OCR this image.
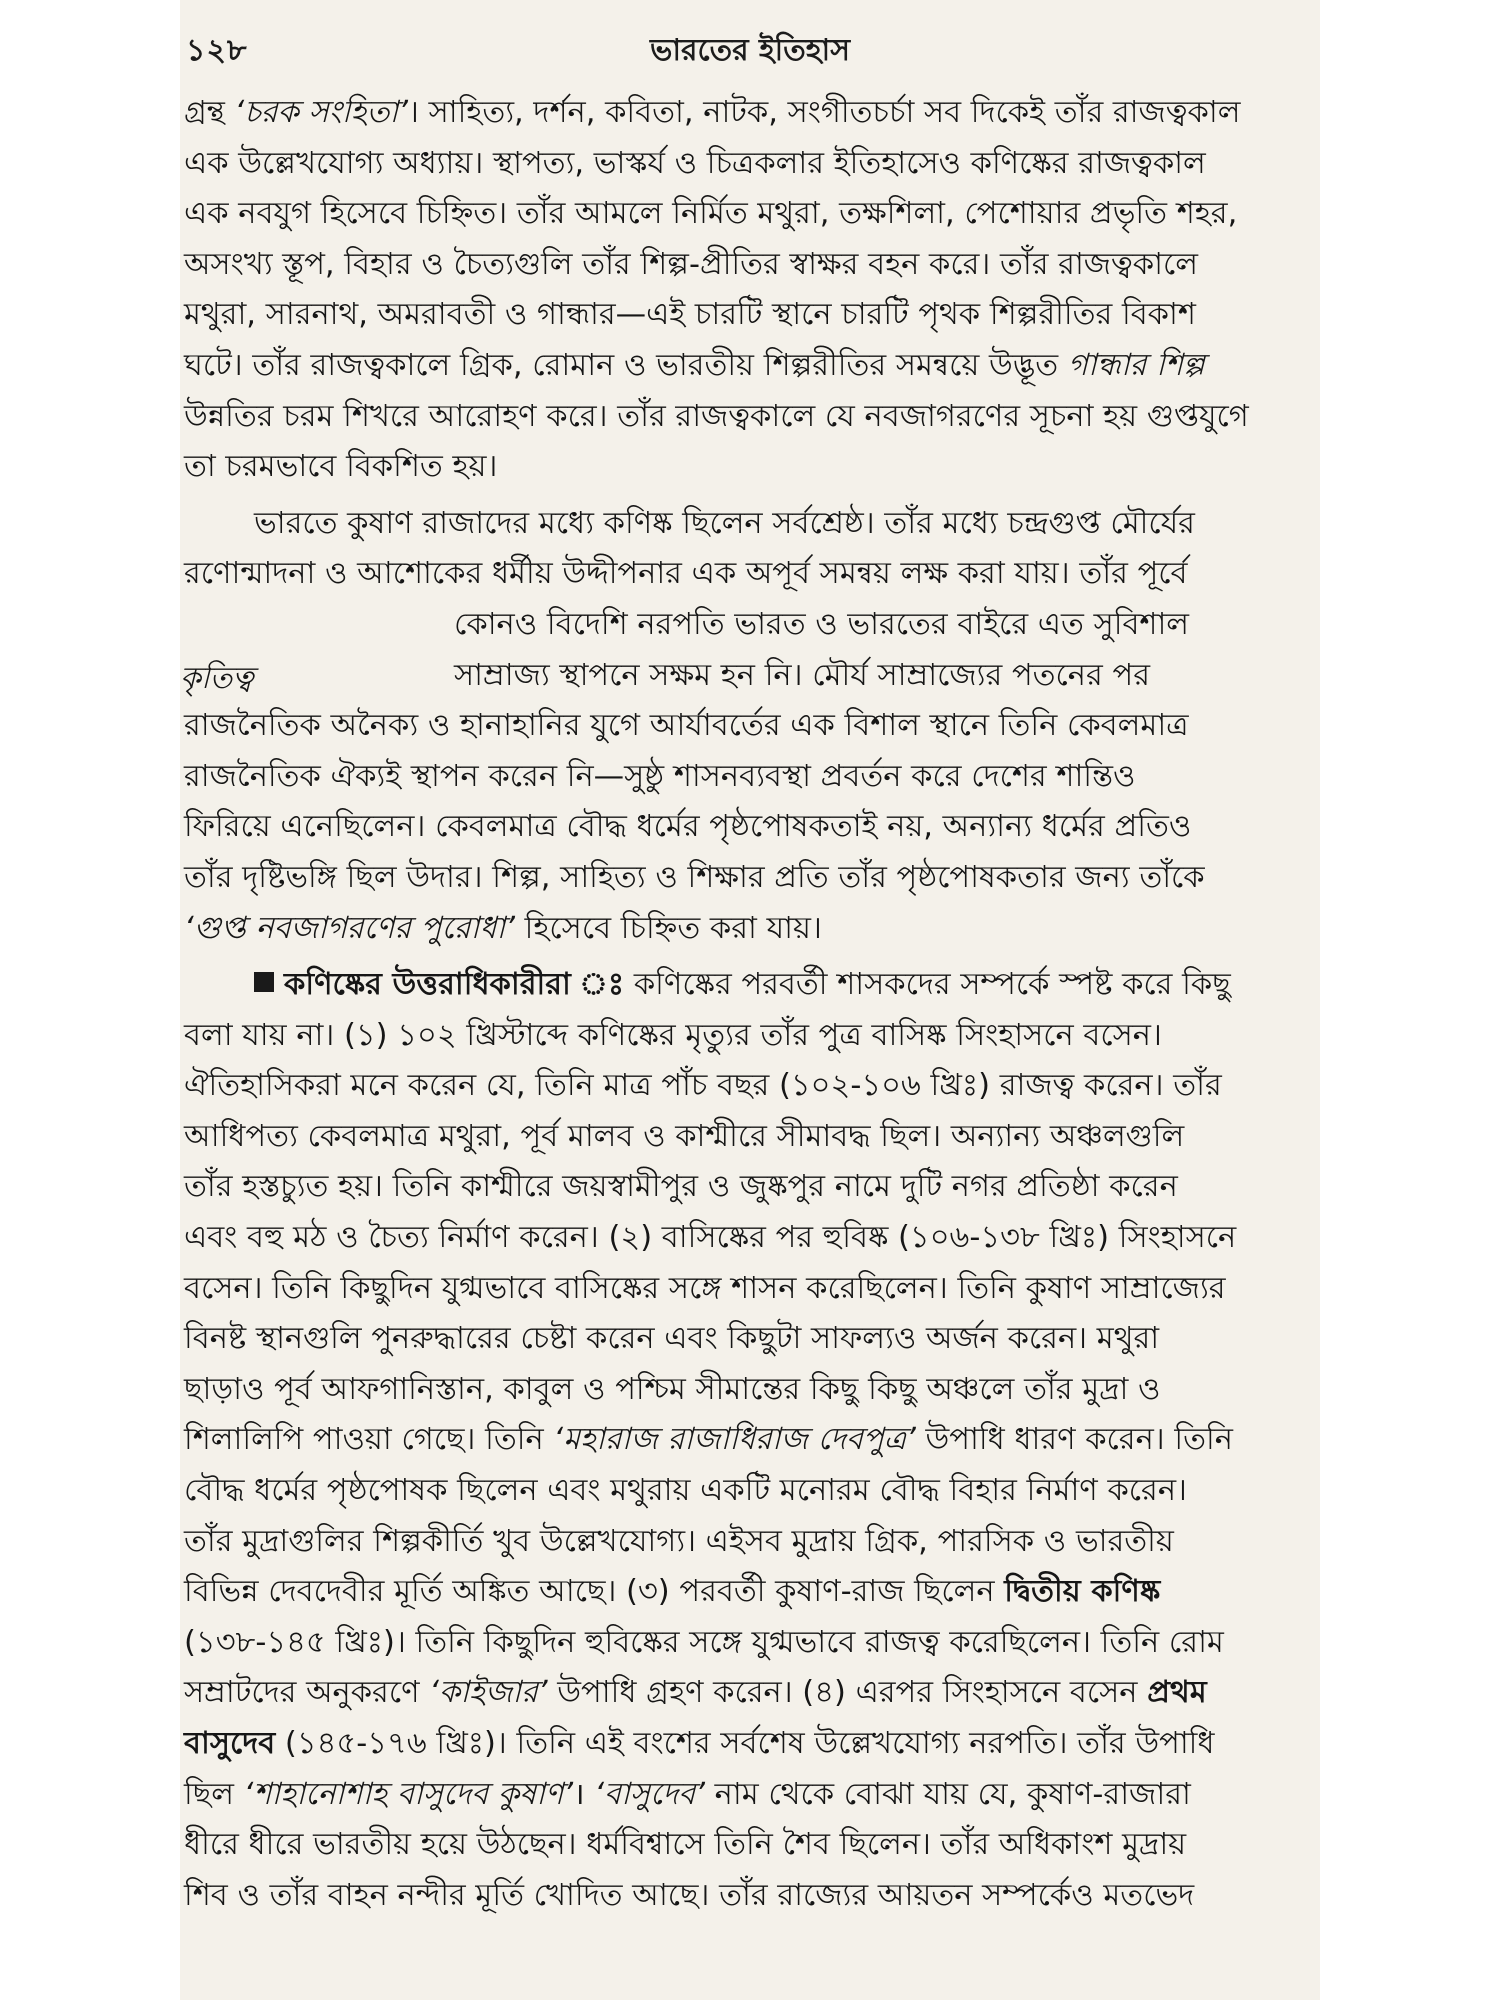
১২৮	ভারতের ইতিহাস
কৃতিত্ব

গ্রন্থ ‘চরক সংহিতা’। সাহিত্য, দর্শন, কবিতা, নাটক, সংগীতচর্চা সব দিকেই তাঁর রাজত্বকাল

এক উল্লেখযোগ্য অধ্যায়। স্থাপত্য, ভাস্কর্য ও চিত্রকলার ইতিহাসেও কণিষ্কের রাজত্বকাল

এক নবযুগ হিসেবে চিহ্নিত। তাঁর আমলে নির্মিত মথুরা, তক্ষশিলা, পেশোয়ার প্রভৃতি শহর,

অসংখ্য স্তূপ, বিহার ও চৈত্যগুলি তাঁর শিল্প-প্রীতির স্বাক্ষর বহন করে। তাঁর রাজত্বকালে

মথুরা, সারনাথ, অমরাবতী ও গান্ধার—এই চারটি স্থানে চারটি পৃথক শিল্পরীতির বিকাশ

ঘটে। তাঁর রাজত্বকালে গ্রিক, রোমান ও ভারতীয় শিল্পরীতির সমন্বয়ে উদ্ভূত গান্ধার শিল্প

উন্নতির চরম শিখরে আরোহণ করে। তাঁর রাজত্বকালে যে নবজাগরণের সূচনা হয় গুপ্তযুগে

তা চরমভাবে বিকশিত হয়।

ভারতে কুষাণ রাজাদের মধ্যে কণিষ্ক ছিলেন সর্বশ্রেষ্ঠ। তাঁর মধ্যে চন্দ্রগুপ্ত মৌর্যের

রণোন্মাদনা ও আশোকের ধর্মীয় উদ্দীপনার এক অপূর্ব সমন্বয় লক্ষ করা যায়। তাঁর পূর্বে

কোনও বিদেশি নরপতি ভারত ও ভারতের বাইরে এত সুবিশাল

সাম্রাজ্য স্থাপনে সক্ষম হন নি। মৌর্য সাম্রাজ্যের পতনের পর

রাজনৈতিক অনৈক্য ও হানাহানির যুগে আর্যাবর্তের এক বিশাল স্থানে তিনি কেবলমাত্র

রাজনৈতিক ঐক্যই স্থাপন করেন নি—সুষ্ঠু শাসনব্যবস্থা প্রবর্তন করে দেশের শান্তিও

ফিরিয়ে এনেছিলেন। কেবলমাত্র বৌদ্ধ ধর্মের পৃষ্ঠপোষকতাই নয়, অন্যান্য ধর্মের প্রতিও

তাঁর দৃষ্টিভঙ্গি ছিল উদার। শিল্প, সাহিত্য ও শিক্ষার প্রতি তাঁর পৃষ্ঠপোষকতার জন্য তাঁকে

‘গুপ্ত নবজাগরণের পুরোধা’ হিসেবে চিহ্নিত করা যায়।

কণিষ্কের উত্তরাধিকারীরা ঃ কণিষ্কের পরবর্তী শাসকদের সম্পর্কে স্পষ্ট করে কিছু

বলা যায় না। (১) ১০২ খ্রিস্টাব্দে কণিষ্কের মৃত্যুর তাঁর পুত্র বাসিষ্ক সিংহাসনে বসেন।

ঐতিহাসিকরা মনে করেন যে, তিনি মাত্র পাঁচ বছর (১০২-১০৬ খ্রিঃ) রাজত্ব করেন। তাঁর

আধিপত্য কেবলমাত্র মথুরা, পূর্ব মালব ও কাশ্মীরে সীমাবদ্ধ ছিল। অন্যান্য অঞ্চলগুলি

তাঁর হস্তচ্যুত হয়। তিনি কাশ্মীরে জয়স্বামীপুর ও জুষ্কপুর নামে দুটি নগর প্রতিষ্ঠা করেন

এবং বহু মঠ ও চৈত্য নির্মাণ করেন। (২) বাসিষ্কের পর হুবিষ্ক (১০৬-১৩৮ খ্রিঃ) সিংহাসনে

বসেন। তিনি কিছুদিন যুগ্মভাবে বাসিষ্কের সঙ্গে শাসন করেছিলেন। তিনি কুষাণ সাম্রাজ্যের

বিনষ্ট স্থানগুলি পুনরুদ্ধারের চেষ্টা করেন এবং কিছুটা সাফল্যও অর্জন করেন। মথুরা

ছাড়াও পূর্ব আফগানিস্তান, কাবুল ও পশ্চিম সীমান্তের কিছু কিছু অঞ্চলে তাঁর মুদ্রা ও

শিলালিপি পাওয়া গেছে। তিনি ‘মহারাজ রাজাধিরাজ দেবপুত্র’ উপাধি ধারণ করেন। তিনি

বৌদ্ধ ধর্মের পৃষ্ঠপোষক ছিলেন এবং মথুরায় একটি মনোরম বৌদ্ধ বিহার নির্মাণ করেন।

তাঁর মুদ্রাগুলির শিল্পকীর্তি খুব উল্লেখযোগ্য। এইসব মুদ্রায় গ্রিক, পারসিক ও ভারতীয়

বিভিন্ন দেবদেবীর মূর্তি অঙ্কিত আছে। (৩) পরবর্তী কুষাণ-রাজ ছিলেন দ্বিতীয় কণিষ্ক

(১৩৮-১৪৫ খ্রিঃ)। তিনি কিছুদিন হুবিষ্কের সঙ্গে যুগ্মভাবে রাজত্ব করেছিলেন। তিনি রোম

সম্রাটদের অনুকরণে ‘কাইজার’ উপাধি গ্রহণ করেন। (৪) এরপর সিংহাসনে বসেন প্রথম

বাসুদেব (১৪৫-১৭৬ খ্রিঃ)। তিনি এই বংশের সর্বশেষ উল্লেখযোগ্য নরপতি। তাঁর উপাধি

ছিল ‘শাহানোশাহ বাসুদেব কুষাণ’। ‘বাসুদেব’ নাম থেকে বোঝা যায় যে, কুষাণ-রাজারা

ধীরে ধীরে ভারতীয় হয়ে উঠছেন। ধর্মবিশ্বাসে তিনি শৈব ছিলেন। তাঁর অধিকাংশ মুদ্রায়

শিব ও তাঁর বাহন নন্দীর মূর্তি খোদিত আছে। তাঁর রাজ্যের আয়তন সম্পর্কেও মতভেদ
